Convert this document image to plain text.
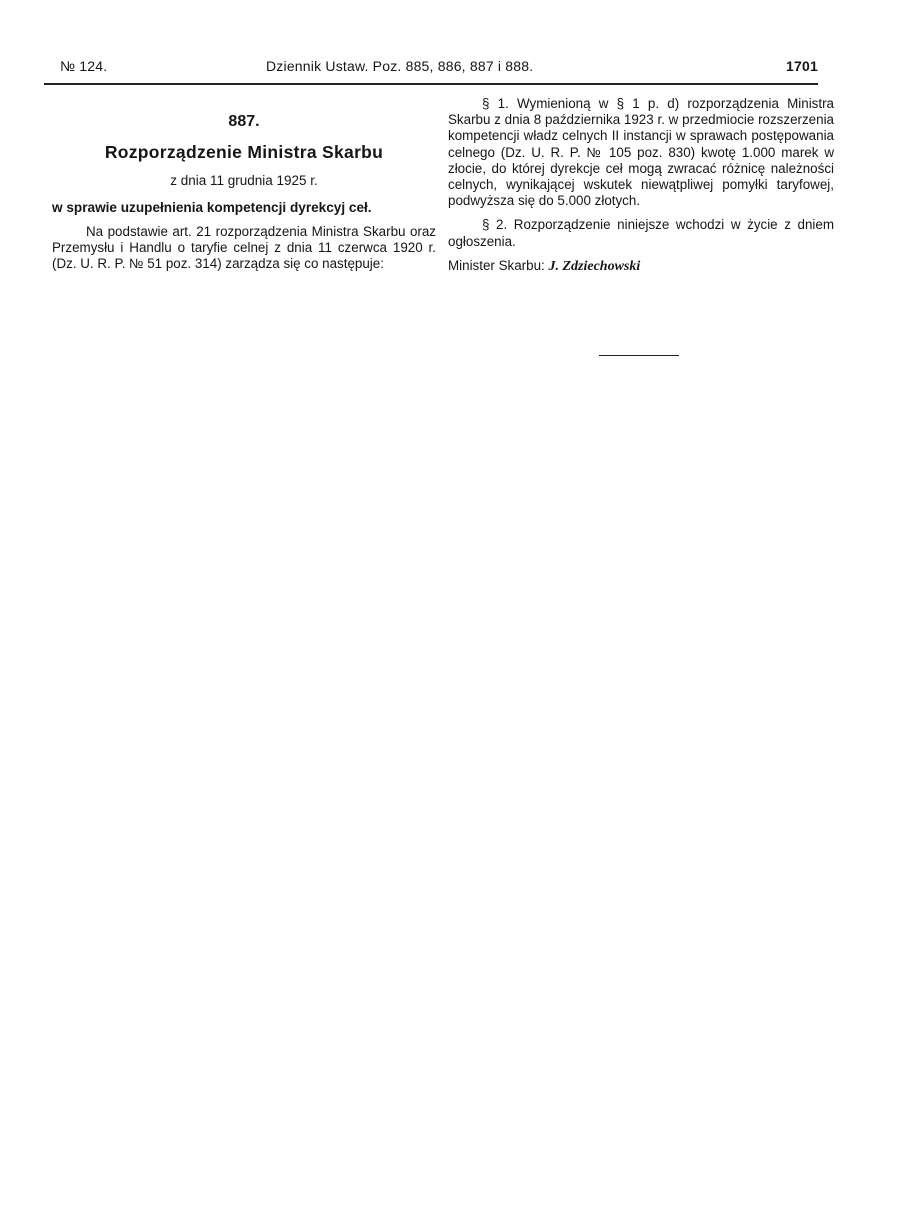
№ 124.	Dziennik Ustaw. Poz. 885, 886, 887 i 888.	1701
887.
Rozporządzenie Ministra Skarbu
z dnia 11 grudnia 1925 r.
w sprawie uzupełnienia kompetencji dyrekcyj ceł.

Na podstawie art. 21 rozporządzenia Ministra Skarbu oraz Przemysłu i Handlu o taryfie celnej z dnia 11 czerwca 1920 r. (Dz. U. R. P. № 51 poz. 314) zarządza się co następuje:

§ 1. Wymienioną w § 1 p. d) rozporządzenia Ministra Skarbu z dnia 8 października 1923 r. w przedmiocie rozszerzenia kompetencji władz celnych II instancji w sprawach postępowania celnego (Dz. U. R. P. № 105 poz. 830) kwotę 1.000 marek w złocie, do której dyrekcje ceł mogą zwracać różnicę należności celnych, wynikającej wskutek niewątpliwej pomyłki taryfowej, podwyższa się do 5.000 złotych.

§ 2. Rozporządzenie niniejsze wchodzi w życie z dniem ogłoszenia.

Minister Skarbu: J. Zdziechowski
